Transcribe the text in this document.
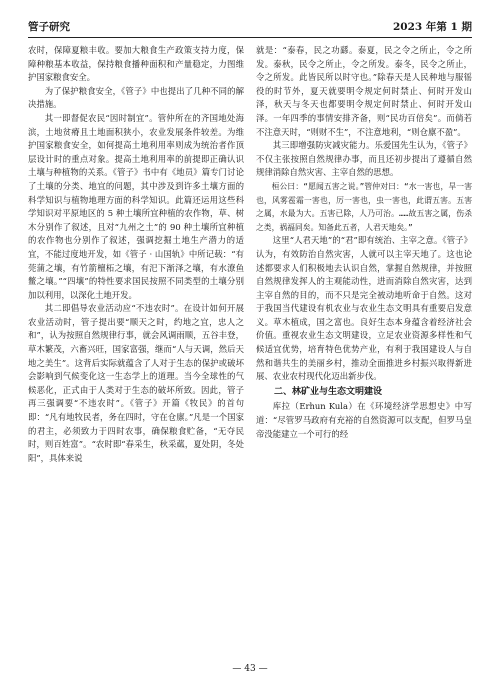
管子研究	2023 年第 1 期

农时，保障夏粮丰收。要加大粮食生产政策支持力度，保障种粮基本收益，保持粮食播种面积和产量稳定，力图维护国家粮食安全。

为了保护粮食安全，《管子》中也提出了几种不同的解决措施。

其一即督促农民“因时制宜”。管仲所在的齐国地处海滨，土地贫瘠且土地面积狭小，农业发展条件较差。为维护国家粮食安全，如何提高土地利用率则成为统治者作顶层设计时的重点对象。提高土地利用率的前提即正确认识土壤与种植物的关系。《管子》书中有《地员》篇专门讨论了土壤的分类、地宜的问题，其中涉及到许多土壤方面的科学知识与植物地理方面的科学知识。此篇还运用这些科学知识对平原地区的 5 种土壤所宜种植的农作物，草、树木分别作了叙述，且对“九州之土”的 90 种土壤所宜种植的农作物也分别作了叙述，强调挖掘土地生产潜力的适宜，不能过度地开发，如《管子 · 山国轨》中所记载：“有莞蒲之壤，有竹箭檀柘之壤，有汜下渐泽之壤，有水潦鱼鳖之壤。”“四壤”的特性要求国民按照不同类型的土壤分别加以利用，以深化土地开发。

其二即倡导农业活动应“不违农时”。在设计如何开展农业活动时，管子提出要“顺天之时，约地之宜，忠人之和”，认为按照自然规律行事，就会风调雨顺，五谷丰登，草木繁茂，六畜兴旺，国家富强，继而“人与天调，然后天地之美生”。这背后实际就蕴含了人对于生态的保护或破坏会影响到气候变化这一生态学上的道理。当今全球性的气候恶化，正式由于人类对于生态的破坏所致。因此，管子再三强调要“不违农时”。《管子》开篇《牧民》的首句即：“凡有地牧民者，务在四时，守在仓廪。”凡是一个国家的君主，必须致力于四时农事，确保粮食贮备，“无夺民时，则百姓富”。“农时即“春采生，秋采蓏，夏处阴，冬处阳”，具体来说

就是：“泰春，民之功繇。泰夏，民之令之所止，令之所发。泰秋，民令之所止，令之所发。泰冬，民令之所止，令之所发。此皆民所以时守也。”除春天是人民种地与服徭役的时节外，夏天就要明令规定何时禁止、何时开发山泽，秋天与冬天也都要明令规定何时禁止、何时开发山泽。一年四季的事情安排齐备，则“民功百倍矣”。而倘若不注意天时，“则财不生”，不注意地利，“则仓廪不盈”。

其三即增强防灾减灾能力。乐爱国先生认为，《管子》不仅主张按照自然规律办事，而且还初步提出了遵循自然规律消除自然灾害、主宰自然的思想。

桓公曰：“愿闻五害之说。”管仲对曰：“水一害也，旱一害也，风雾雹霜一害也，厉一害也，虫一害也，此谓五害。五害之属，水最为大。五害已除，人乃可治。……故五害之属，伤杀之类，祸福同矣。知备此五者，人君天地矣。”

这里“人君天地”的“君”即有统治、主宰之意。《管子》认为，有效防治自然灾害，人就可以主宰天地了。这也论述都要求人们积极地去认识自然，掌握自然规律，并按照自然规律发挥人的主观能动性，进而消除自然灾害，达到主宰自然的目的，而不只是完全被动地听命于自然。这对于我国当代建设有机农业与农业生态文明具有重要启发意义。草木植成，国之富也。良好生态本身蕴含着经济社会价值。重视农业生态文明建设，立足农业资源多样性和气候适宜优势，培育特色优势产业，有利于我国建设人与自然和谐共生的美丽乡村，推动全面推进乡村振兴取得新进展、农业农村现代化迈出新步伐。

二、林矿业与生态文明建设

库拉（Erhun Kula）在《环境经济学思想史》中写道：“尽管罗马政府有充裕的自然资源可以支配，但罗马皇帝没能建立一个可行的经

— 43 —
